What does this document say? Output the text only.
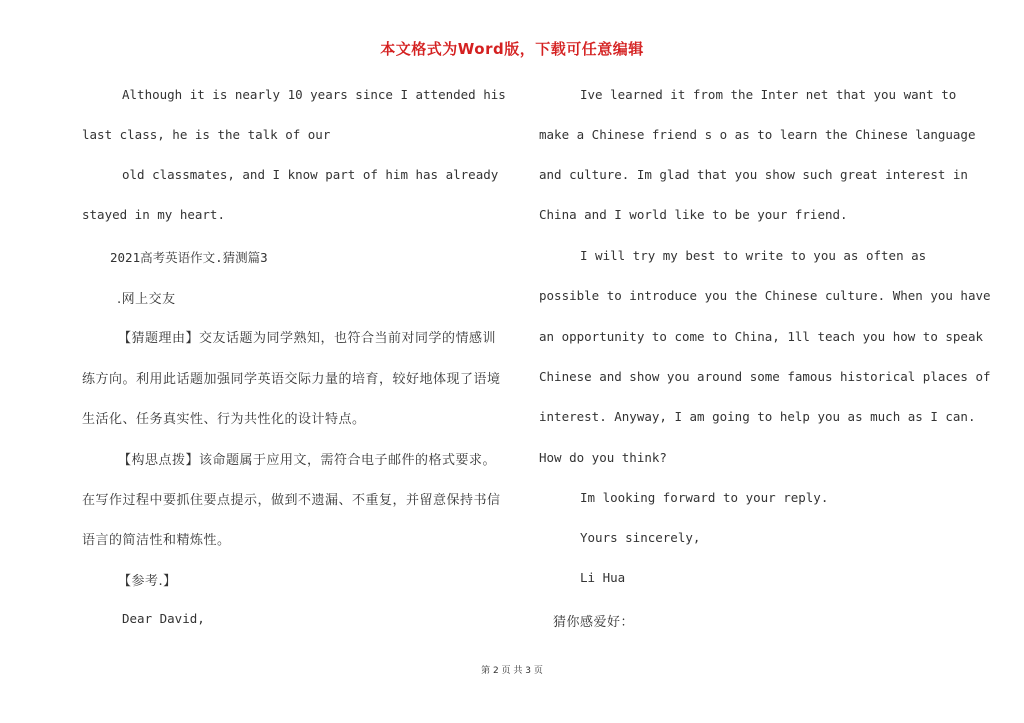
本文格式为Word版，下载可任意编辑
Although it is nearly 10 years since I attended his
last class, he is the talk of our
old classmates, and I know part of him has already
stayed in my heart.
2021高考英语作文.猜测篇3
.网上交友
【猜题理由】交友话题为同学熟知，也符合当前对同学的情感训
练方向。利用此话题加强同学英语交际力量的培育，较好地体现了语境
生活化、任务真实性、行为共性化的设计特点。
【构思点拨】该命题属于应用文，需符合电子邮件的格式要求。
在写作过程中要抓住要点提示，做到不遗漏、不重复，并留意保持书信
语言的简洁性和精炼性。
【参考.】
Dear David,
Ive learned it from the Inter net that you want to
make a Chinese friend s o as to learn the Chinese language
and culture. Im glad that you show such great interest in
China and I world like to be your friend.
I will try my best to write to you as often as
possible to introduce you the Chinese culture. When you have
an opportunity to come to China, 1ll teach you how to speak
Chinese and show you around some famous historical places of
interest. Anyway, I am going to help you as much as I can.
How do you think?
Im looking forward to your reply.
Yours sincerely,
Li Hua
猜你感爱好：
第 2 页 共 3 页
